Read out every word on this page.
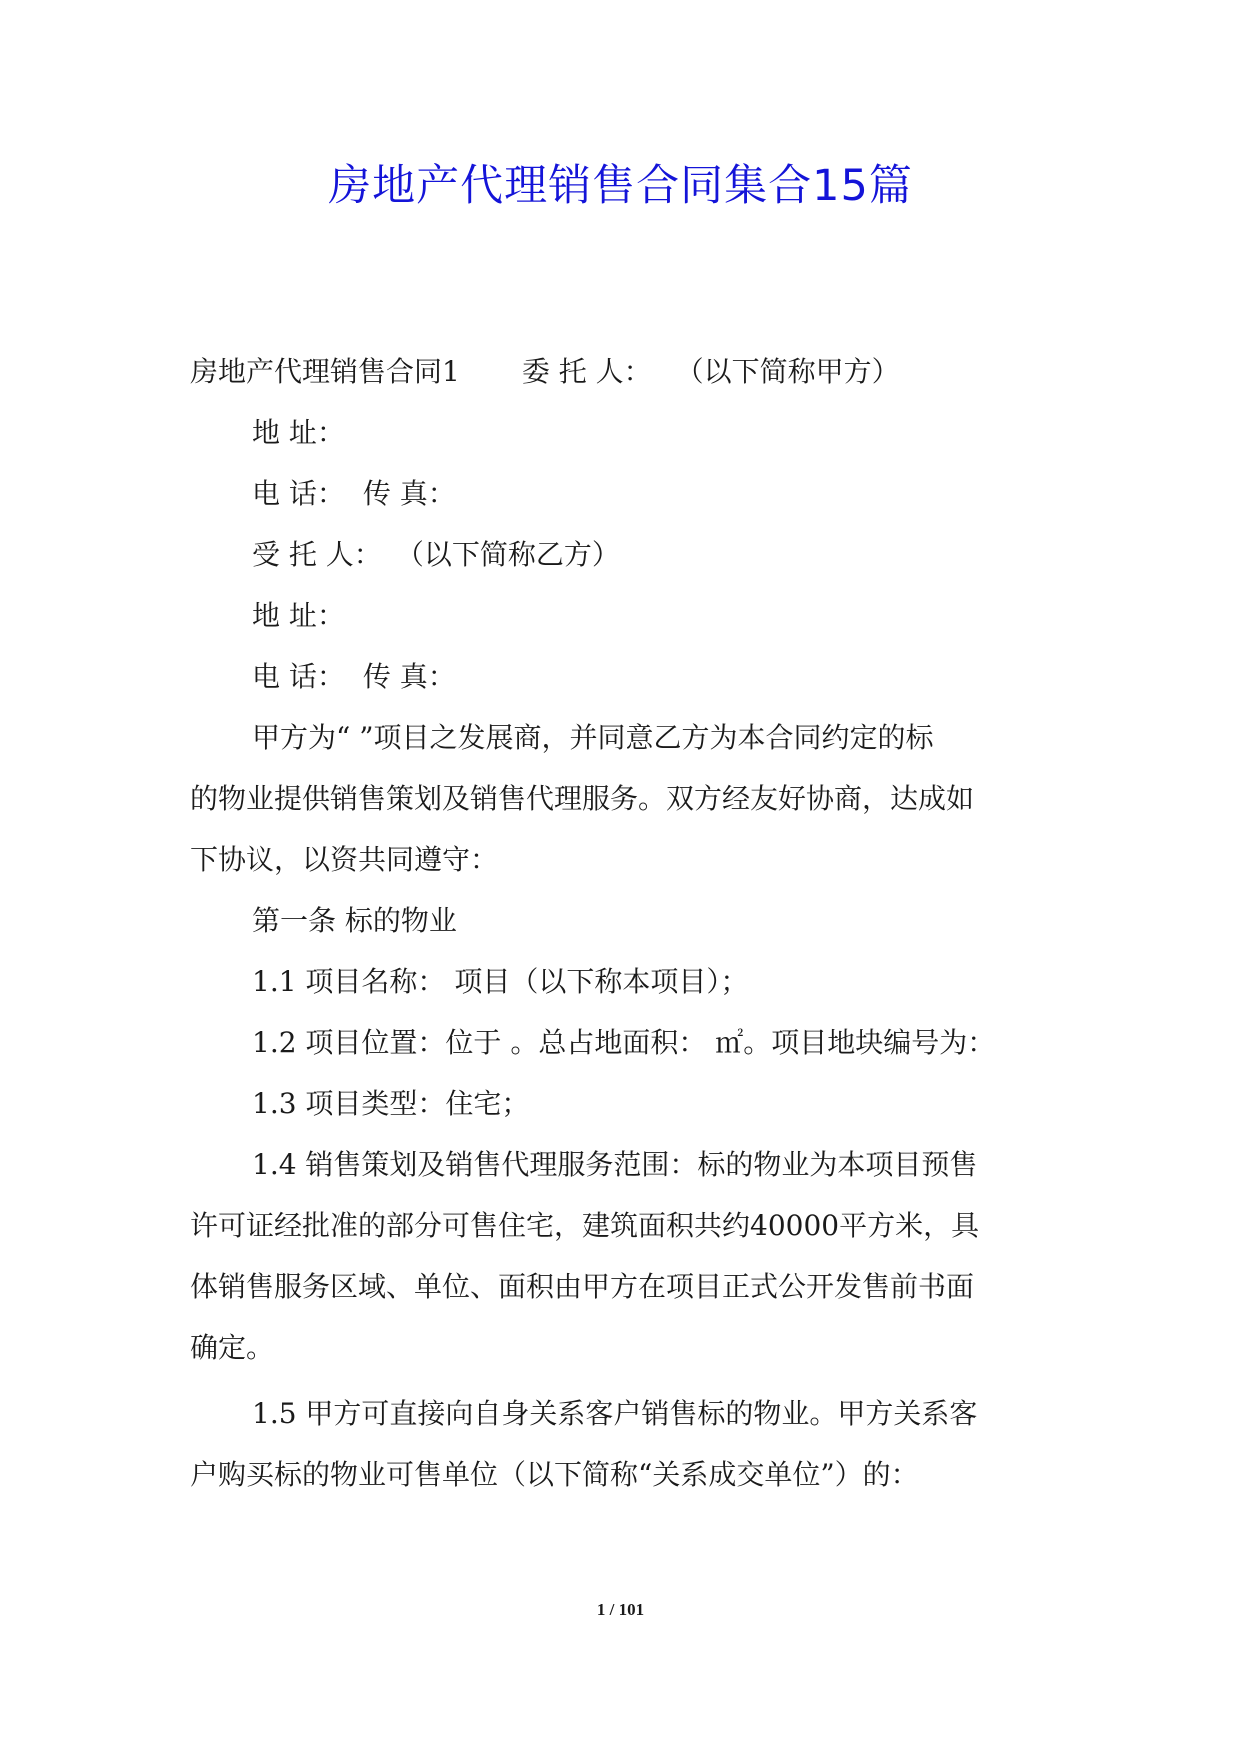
房地产代理销售合同集合15篇

房地产代理销售合同1 委 托 人： （以下简称甲方）

地 址：

电 话： 传 真：

受 托 人： （以下简称乙方）

地 址：

电 话： 传 真：

甲方为“ ”项目之发展商，并同意乙方为本合同约定的标

的物业提供销售策划及销售代理服务。双方经友好协商，达成如

下协议，以资共同遵守：

第一条 标的物业

1.1 项目名称： 项目（以下称本项目）；

1.2 项目位置：位于 。总占地面积： ㎡。项目地块编号为：

1.3 项目类型：住宅；

1.4 销售策划及销售代理服务范围：标的物业为本项目预售

许可证经批准的部分可售住宅，建筑面积共约40000平方米，具

体销售服务区域、单位、面积由甲方在项目正式公开发售前书面

确定。

1.5 甲方可直接向自身关系客户销售标的物业。甲方关系客

户购买标的物业可售单位（以下简称“关系成交单位”）的：

1 / 101
